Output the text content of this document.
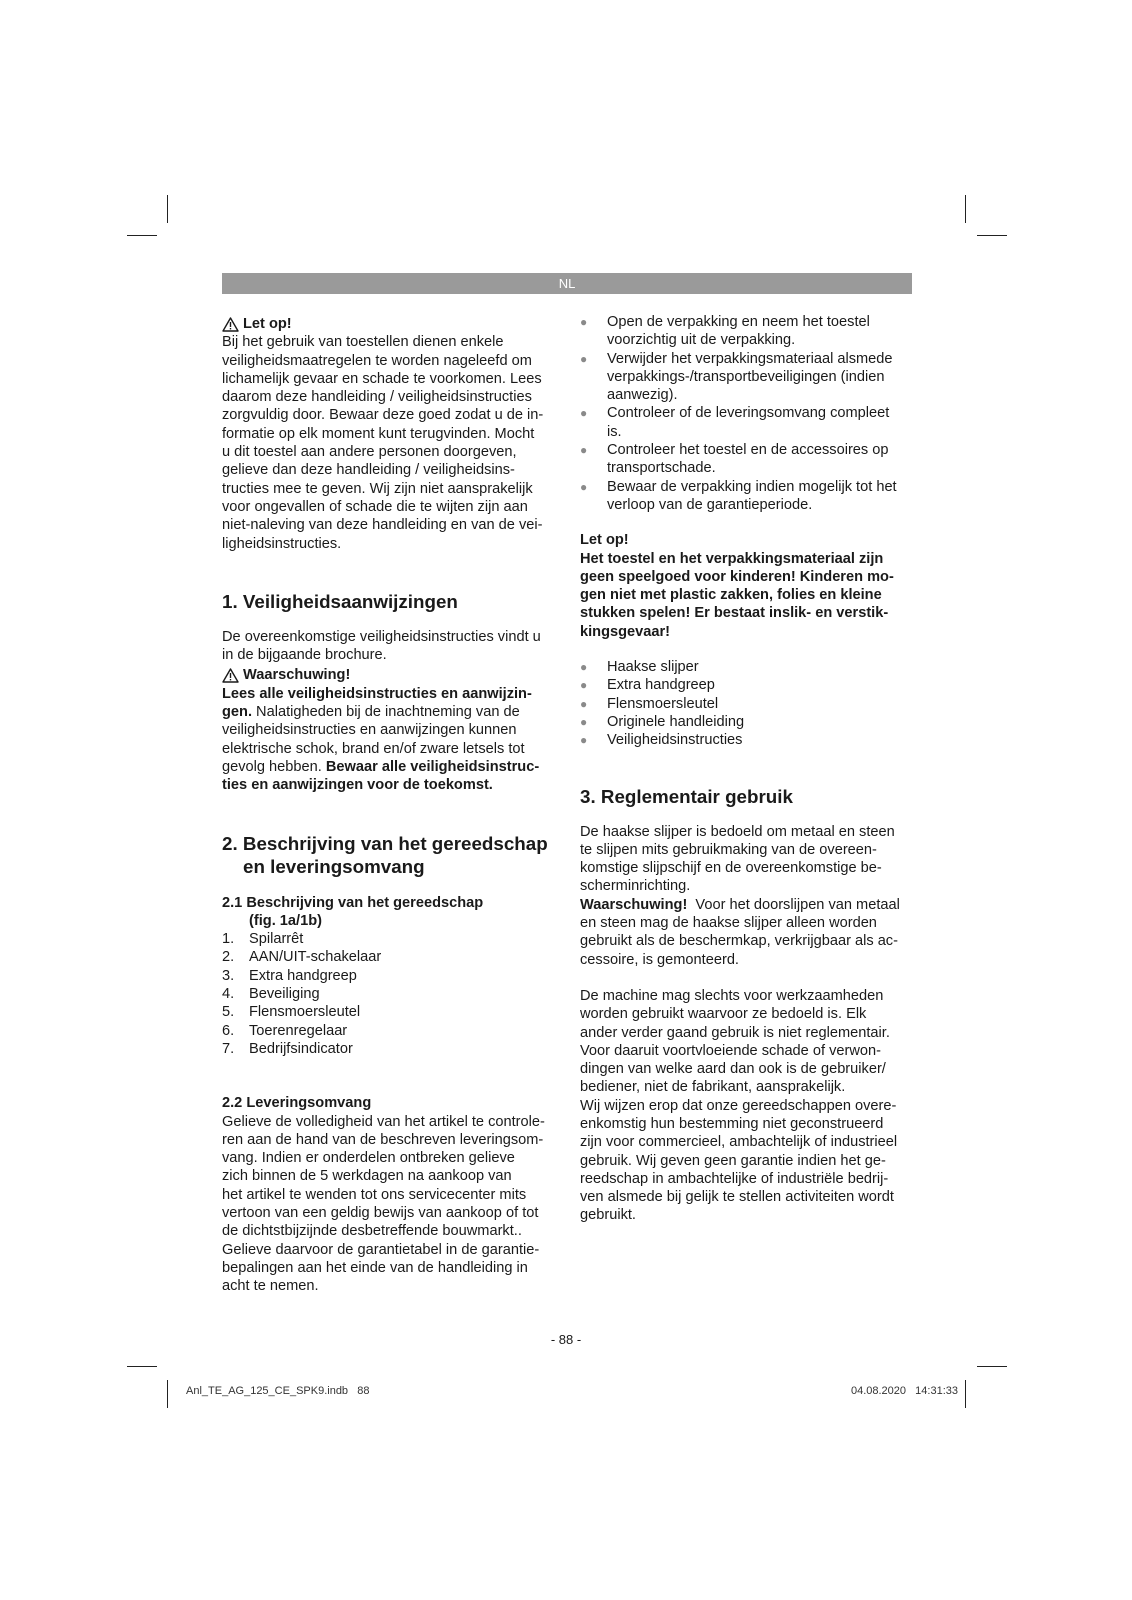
NL
Let op!

Bij het gebruik van toestellen dienen enkele

veiligheidsmaatregelen te worden nageleefd om

lichamelijk gevaar en schade te voorkomen. Lees

daarom deze handleiding / veiligheidsinstructies

zorgvuldig door. Bewaar deze goed zodat u de in-

formatie op elk moment kunt terugvinden. Mocht

u dit toestel aan andere personen doorgeven,

gelieve dan deze handleiding / veiligheidsins-

tructies mee te geven. Wij zijn niet aansprakelijk

voor ongevallen of schade die te wijten zijn aan

niet-naleving van deze handleiding en van de vei-

ligheidsinstructies.

1. Veiligheidsaanwijzingen

De overeenkomstige veiligheidsinstructies vindt u

in de bijgaande brochure.

Waarschuwing!

Lees alle veiligheidsinstructies en aanwijzin-

gen. Nalatigheden bij de inachtneming van de

veiligheidsinstructies en aanwijzingen kunnen

elektrische schok, brand en/of zware letsels tot

gevolg hebben. Bewaar alle veiligheidsinstruc-

ties en aanwijzingen voor de toekomst.

2. Beschrijving van het gereedschap
en leveringsomvang
2.1 Beschrijving van het gereedschap
(fig. 1a/1b)
1.	Spilarrêt
2.	AAN/UIT-schakelaar
3.	Extra handgreep
4.	Beveiliging
5.	Flensmoersleutel
6.	Toerenregelaar
7.	Bedrijfsindicator
2.2 Leveringsomvang

Gelieve de volledigheid van het artikel te controle-

ren aan de hand van de beschreven leveringsom-

vang. Indien er onderdelen ontbreken gelieve

zich binnen de 5 werkdagen na aankoop van

het artikel te wenden tot ons servicecenter mits

vertoon van een geldig bewijs van aankoop of tot

de dichtstbijzijnde desbetreffende bouwmarkt..

Gelieve daarvoor de garantietabel in de garantie-

bepalingen aan het einde van de handleiding in

acht te nemen.

●	Open de verpakking en neem het toestel
voorzichtig uit de verpakking.
●	Verwijder het verpakkingsmateriaal alsmede
verpakkings-/transportbeveiligingen (indien
aanwezig).
●	Controleer of de leveringsomvang compleet
is.
●	Controleer het toestel en de accessoires op
transportschade.
●	Bewaar de verpakking indien mogelijk tot het
verloop van de garantieperiode.

Let op!

Het toestel en het verpakkingsmateriaal zijn

geen speelgoed voor kinderen! Kinderen mo-

gen niet met plastic zakken, folies en kleine

stukken spelen! Er bestaat inslik- en verstik-

kingsgevaar!

●	Haakse slijper
●	Extra handgreep
●	Flensmoersleutel
●	Originele handleiding
●	Veiligheidsinstructies
3. Reglementair gebruik

De haakse slijper is bedoeld om metaal en steen

te slijpen mits gebruikmaking van de overeen-

komstige slijpschijf en de overeenkomstige be-

scherminrichting.

Waarschuwing!  Voor het doorslijpen van metaal

en steen mag de haakse slijper alleen worden

gebruikt als de beschermkap, verkrijgbaar als ac-

cessoire, is gemonteerd.

De machine mag slechts voor werkzaamheden

worden gebruikt waarvoor ze bedoeld is. Elk

ander verder gaand gebruik is niet reglementair.

Voor daaruit voortvloeiende schade of verwon-

dingen van welke aard dan ook is de gebruiker/

bediener, niet de fabrikant, aansprakelijk.

Wij wijzen erop dat onze gereedschappen overe-

enkomstig hun bestemming niet geconstrueerd

zijn voor commercieel, ambachtelijk of industrieel

gebruik. Wij geven geen garantie indien het ge-

reedschap in ambachtelijke of industriële bedrij-

ven alsmede bij gelijk te stellen activiteiten wordt

gebruikt.

- 88 -
Anl_TE_AG_125_CE_SPK9.indb   88	04.08.2020   14:31:33
